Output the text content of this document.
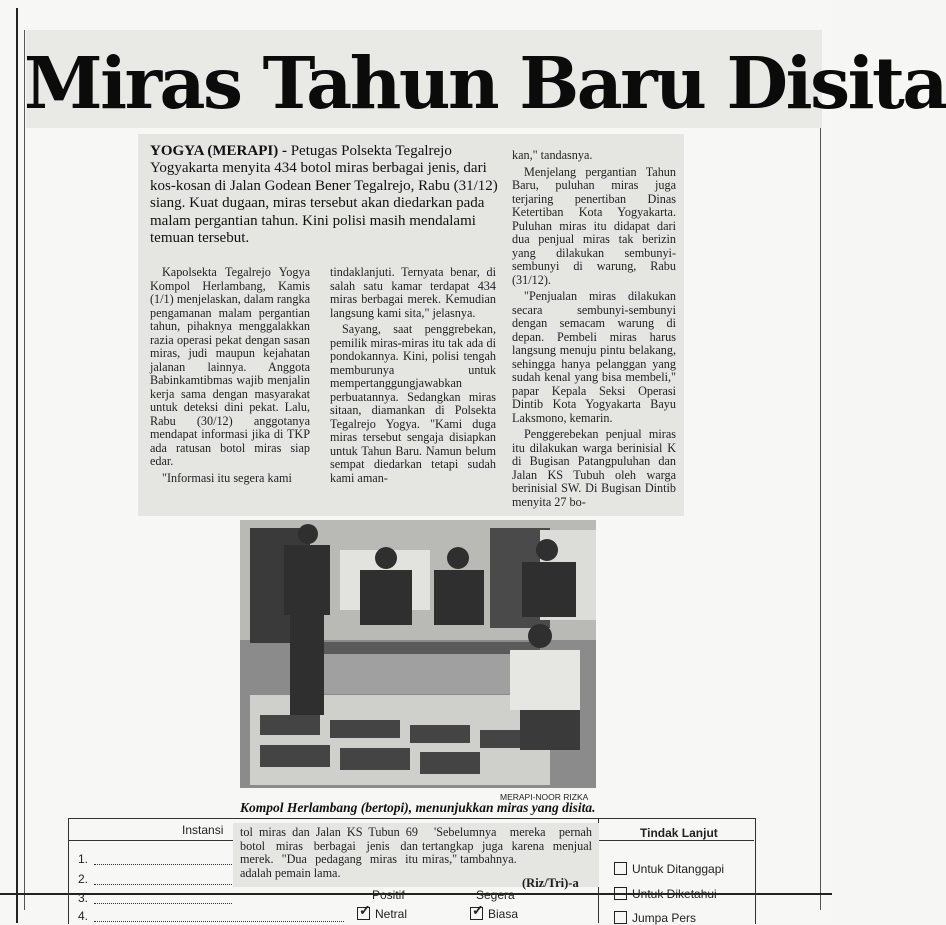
Miras Tahun Baru Disita
YOGYA (MERAPI) - Petugas Polsekta Tegalrejo Yogyakarta menyita 434 botol miras berbagai jenis, dari kos-kosan di Jalan Godean Bener Tegalrejo, Rabu (31/12) siang. Kuat dugaan, miras tersebut akan diedarkan pada malam pergantian tahun. Kini polisi masih mendalami temuan tersebut.

Kapolsekta Tegalrejo Yogya Kompol Herlambang, Kamis (1/1) menjelaskan, dalam rangka pengamanan malam pergantian tahun, pihaknya menggalakkan razia operasi pekat dengan sasan miras, judi maupun kejahatan jalanan lainnya. Anggota Babinkamtibmas wajib menjalin kerja sama dengan masyarakat untuk deteksi dini pekat. Lalu, Rabu (30/12) anggotanya mendapat informasi jika di TKP ada ratusan botol miras siap edar.

"Informasi itu segera kami

tindaklanjuti. Ternyata benar, di salah satu kamar terdapat 434 miras berbagai merek. Kemudian langsung kami sita," jelasnya.

Sayang, saat penggrebekan, pemilik miras-miras itu tak ada di pondokannya. Kini, polisi tengah memburunya untuk mempertanggungjawabkan perbuatannya. Sedangkan miras sitaan, diamankan di Polsekta Tegalrejo Yogya. "Kami duga miras tersebut sengaja disiapkan untuk Tahun Baru. Namun belum sempat diedarkan tetapi sudah kami aman-

kan," tandasnya.

Menjelang pergantian Tahun Baru, puluhan miras juga terjaring penertiban Dinas Ketertiban Kota Yogyakarta. Puluhan miras itu didapat dari dua penjual miras tak berizin yang dilakukan sembunyi-sembunyi di warung, Rabu (31/12).

"Penjualan miras dilakukan secara sembunyi-sembunyi dengan semacam warung di depan. Pembeli miras harus langsung menuju pintu belakang, sehingga hanya pelanggan yang sudah kenal yang bisa membeli," papar Kepala Seksi Operasi Dintib Kota Yogyakarta Bayu Laksmono, kemarin.

Penggerebekan penjual miras itu dilakukan warga berinisial K di Bugisan Patangpuluhan dan Jalan KS Tubuh oleh warga berinisial SW. Di Bugisan Dintib menyita 27 bo-

MERAPI-NOOR RIZKA
Kompol Herlambang (bertopi), menunjukkan miras yang disita.
Instansi
1.
2.
3.
4.
Positif	Segera
✓ Netral	✓ Biasa

tol miras dan Jalan KS Tubun 69 botol miras berbagai jenis dan merek. "Dua pedagang miras itu adalah pemain lama.

'Sebelumnya mereka pernah tertangkap juga karena menjual miras," tambahnya.

(Riz/Tri)-a
Tindak Lanjut
Untuk Ditanggapi
Untuk Diketahui
Jumpa Pers
